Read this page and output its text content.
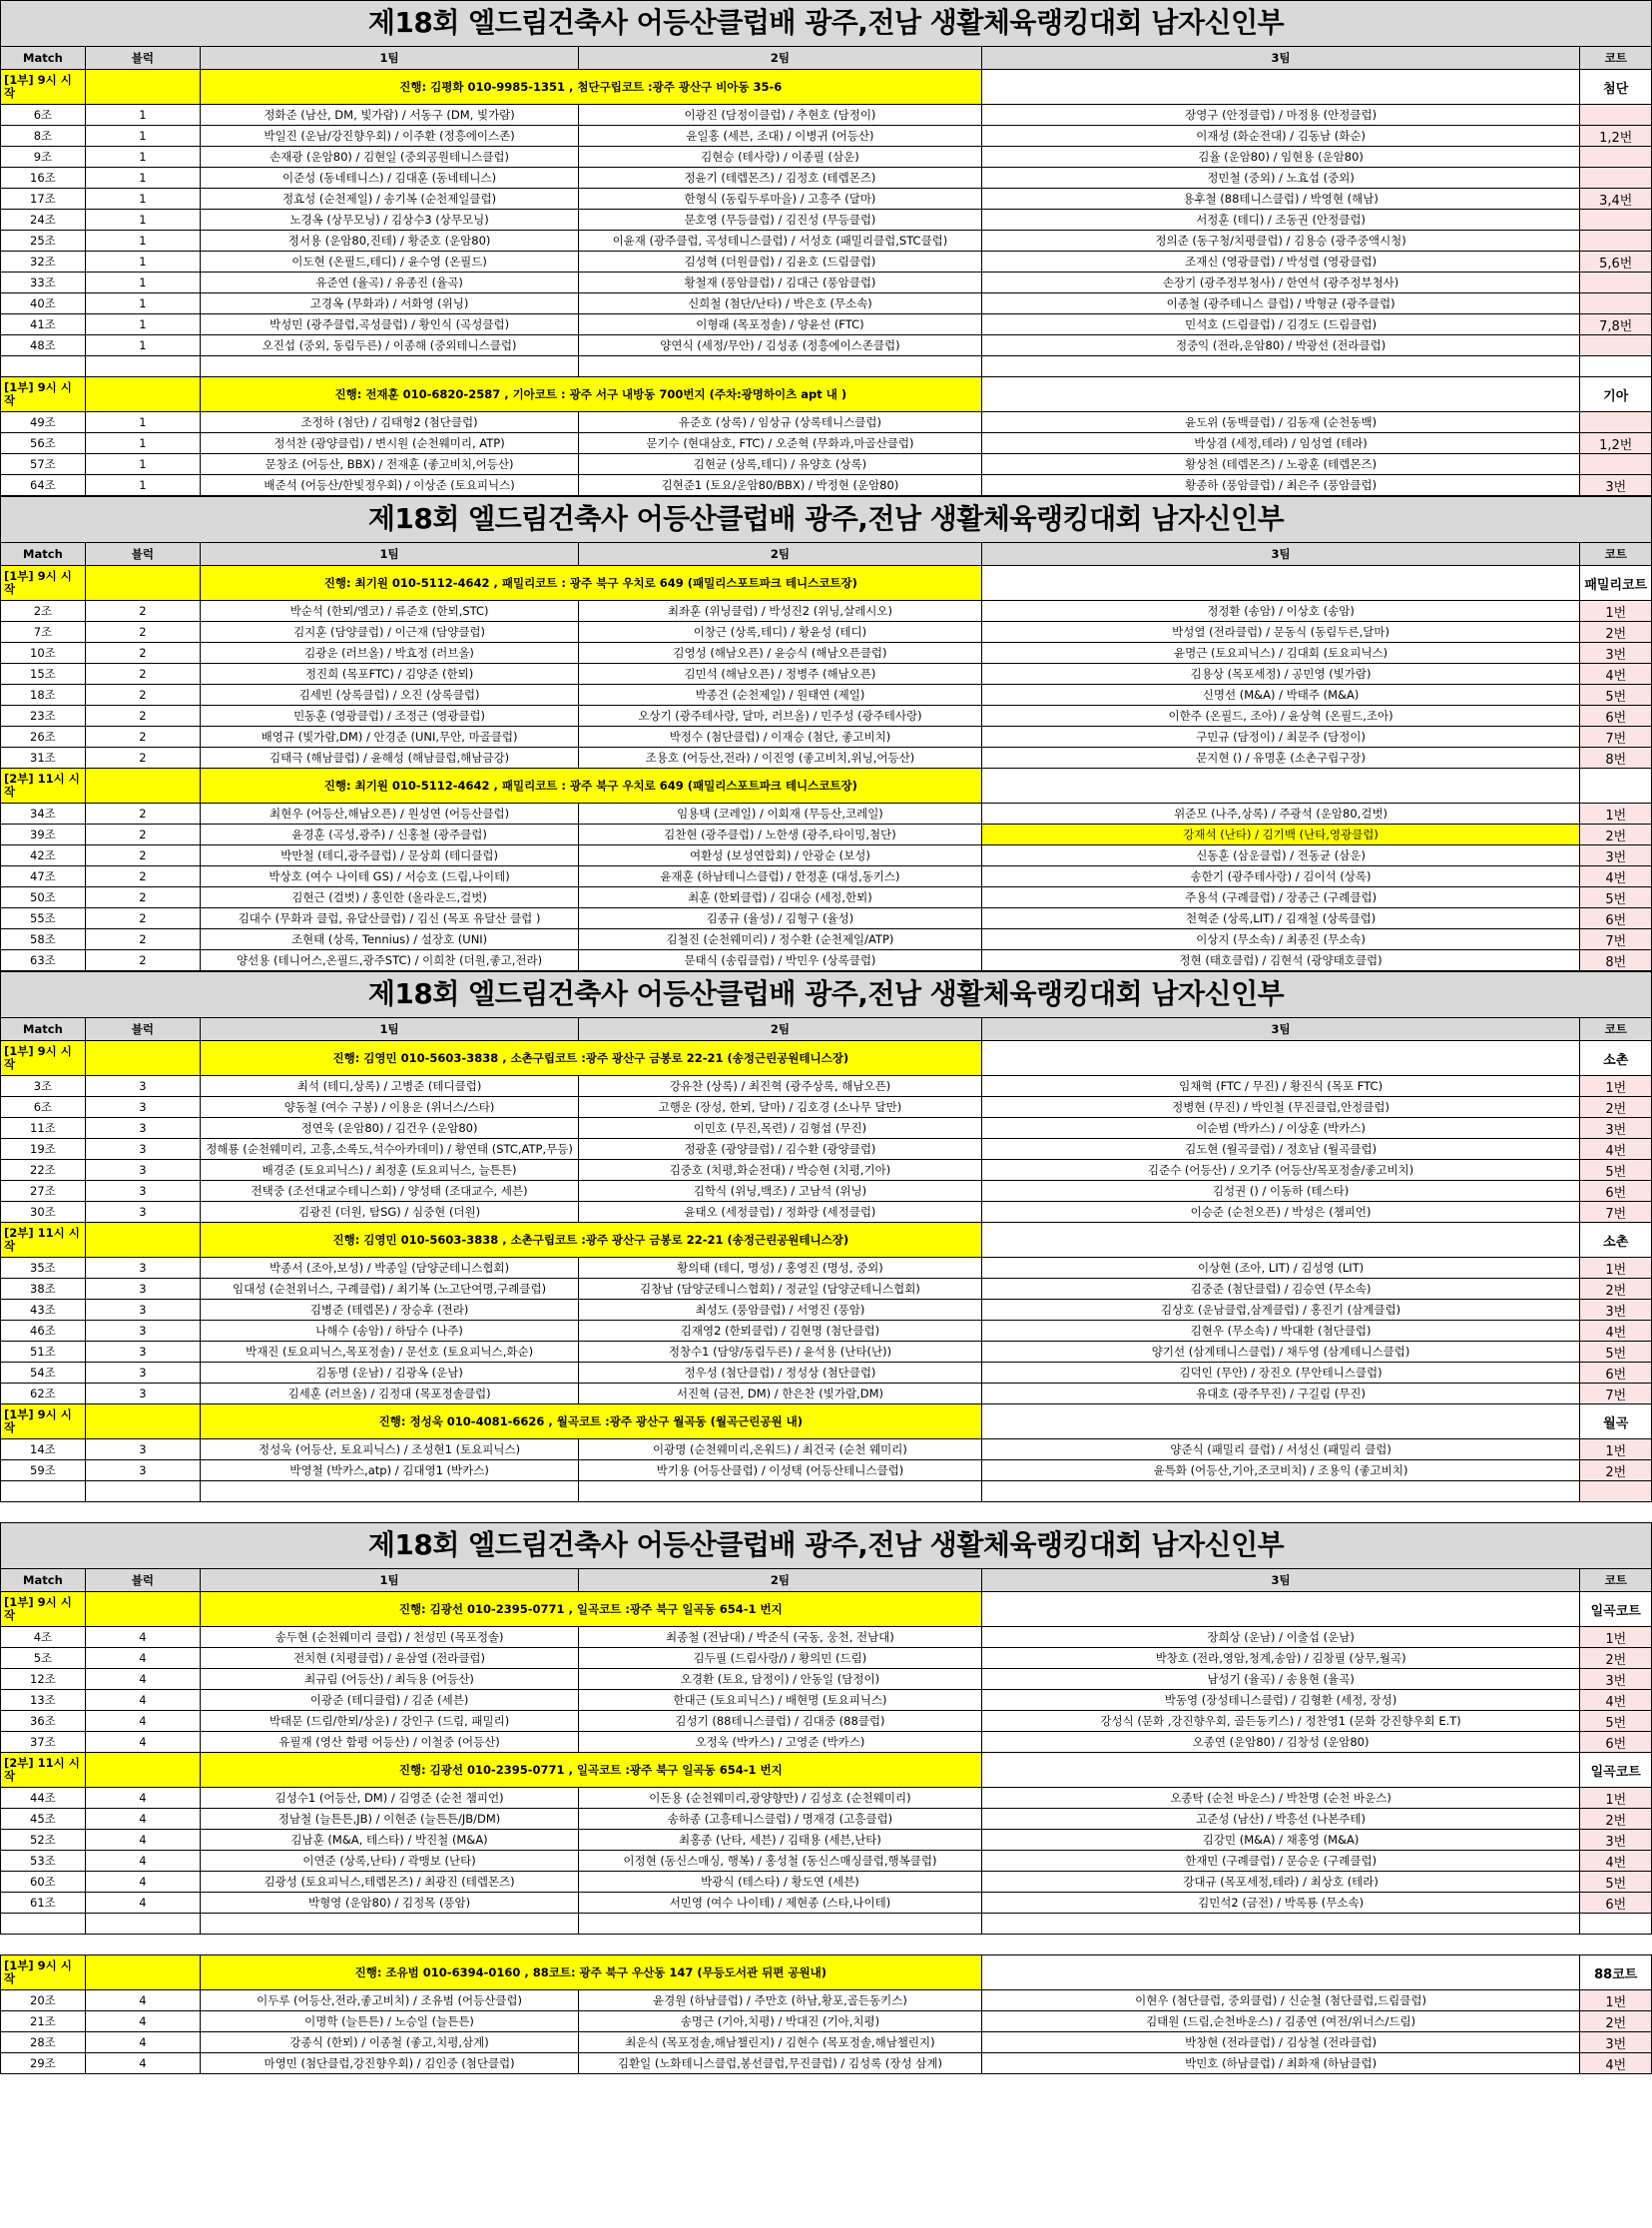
제18회 엘드림건축사 어등산클럽배 광주,전남 생활체육랭킹대회 남자신인부
Match	블럭	1팀	2팀	3팀	코트
[1부] 9시 시작		진행: 김평화 010-9985-1351 , 첨단구립코트 :광주 광산구 비아동 35-6			첨단
6조	1	정화준 (남산, DM, 빛가람) / 서동구 (DM, 빛가람)	이광진 (담정이클럽) / 추현호 (담정이)	장영구 (안정클럽) / 마정용 (안정클럽)	
8조	1	박일진 (운남/강진향우회) / 이주환 (정흥에이스존)	윤일홍 (세븐, 조대) / 이병귀 (어등산)	이재성 (화순전대) / 김동남 (화순)	1,2번
9조	1	손재광 (운암80) / 김현일 (중외공원테니스클럽)	김현승 (테사랑) / 이종필 (삼운)	김율 (운암80) / 임현용 (운암80)	
16조	1	이준성 (동네테니스) / 김대훈 (동네테니스)	정윤기 (테렙몬즈) / 김정호 (테렙몬즈)	정민철 (중외) / 노효섭 (중외)	
17조	1	정효성 (순천제일) / 송기복 (순천제일클럽)	한형식 (동림두루마을) / 고흥주 (달마)	용후철 (88테니스클럽) / 박영현 (해남)	3,4번
24조	1	노경옥 (상무모닝) / 김상수3 (상무모닝)	문호영 (무등클럽) / 김진성 (무등클럽)	서정훈 (테디) / 조동권 (안정클럽)	
25조	1	정서용 (운암80,진테) / 황준호 (운암80)	이윤재 (광주클럽, 곡성테니스클럽) / 서성호 (패밀리클럽,STC클럽)	정의준 (동구청/치평클럽) / 김용승 (광주중액시청)	
32조	1	이도현 (온필드,테디) / 윤수영 (온필드)	김성혁 (더원클럽) / 김윤호 (드림클럽)	조재신 (영광클럽) / 박성렬 (영광클럽)	5,6번
33조	1	유준연 (율곡) / 유종진 (율곡)	황철재 (풍암클럽) / 김대근 (풍암클럽)	손장기 (광주정부청사) / 한연석 (광주정부청사)	
40조	1	고경옥 (무화과) / 서화영 (위닝)	신희철 (첨단/난타) / 박은호 (무소속)	이종철 (광주테니스 클럽) / 박형균 (광주클럽)	
41조	1	박성민 (광주클럽,곡성클럽) / 황인식 (곡성클럽)	이형래 (목포정솔) / 양윤선 (FTC)	민석호 (드림클럽) / 김경도 (드림클럽)	7,8번
48조	1	오진섭 (중외, 동림두른) / 이종해 (중외테니스클럽)	양연식 (세정/무안) / 김성종 (정흥에이스존클럽)	정중익 (전라,운암80) / 박광선 (전라클럽)	

[1부] 9시 시작		진행: 전재훈 010-6820-2587 , 기아코트 : 광주 서구 내방동 700번지 (주차:광명하이츠 apt 내 )			기아
49조	1	조정하 (첨단) / 김태형2 (첨단클럽)	유준호 (상록) / 임상규 (상록테니스클럽)	윤도위 (동백클럽) / 김동재 (순천동백)	
56조	1	정석찬 (광양클럽) / 변시원 (순천웨미리, ATP)	문기수 (현대삼호, FTC) / 오준혁 (무화과,마골산클럽)	박상겸 (세정,테라) / 임성열 (테라)	1,2번
57조	1	문창조 (어등산, BBX) / 전재훈 (좋고비치,어등산)	김현균 (상록,테디) / 유양호 (상록)	황상천 (테렙몬즈) / 노광훈 (테렙몬즈)	
64조	1	배준석 (어등산/한빛정우회) / 이상준 (토요피닉스)	김현준1 (토요/운암80/BBX) / 박정현 (운암80)	황종하 (풍암클럽) / 최은주 (풍암클럽)	3번
제18회 엘드림건축사 어등산클럽배 광주,전남 생활체육랭킹대회 남자신인부
Match	블럭	1팀	2팀	3팀	코트
[1부] 9시 시작		진행: 최기원 010-5112-4642 , 패밀리코트 : 광주 북구 우치로 649 (패밀리스포트파크 테니스코트장)			패밀리코트
2조	2	박순석 (한뫼/엠코) / 류준호 (한뫼,STC)	최좌훈 (위닝클럽) / 박성진2 (위닝,살레시오)	정정환 (송암) / 이상호 (송암)	1번
7조	2	김지훈 (담양클럽) / 이근재 (담양클럽)	이창근 (상록,테디) / 황윤성 (테디)	박성열 (전라클럽) / 문동식 (동림두른,달마)	2번
10조	2	김광운 (러브올) / 박효정 (러브올)	김영성 (해남오픈) / 윤승식 (해남오픈클럽)	윤명근 (토요피닉스) / 김대회 (토요피닉스)	3번
15조	2	정진희 (목포FTC) / 김양준 (한뫼)	김민석 (해남오픈) / 정병주 (해남오픈)	김용상 (목포세정) / 공민영 (빛가람)	4번
18조	2	김세빈 (상록클럽) / 오진 (상록클럽)	박종건 (순천제일) / 원태연 (제일)	신명선 (M&A) / 박태주 (M&A)	5번
23조	2	민동훈 (영광클럽) / 조정근 (영광클럽)	오상기 (광주테사랑, 달마, 러브올) / 민주성 (광주테사랑)	이한주 (온필드, 조아) / 윤상혁 (온필드,조아)	6번
26조	2	배영규 (빛가람,DM) / 안경준 (UNI,무안, 마골클럽)	박정수 (첨단클럽) / 이재승 (첨단, 좋고비치)	구민규 (담정이) / 최문주 (담정이)	7번
31조	2	김태극 (해남클럽) / 윤해성 (해남클럽,해남금강)	조용호 (어등산,전라) / 이진영 (좋고비치,위닝,어등산)	문지현 () / 유명훈 (소촌구립구장)	8번
[2부] 11시 시작		진행: 최기원 010-5112-4642 , 패밀리코트 : 광주 북구 우치로 649 (패밀리스포트파크 테니스코트장)			
34조	2	최현우 (어등산,해남오픈) / 원성연 (어등산클럽)	임용택 (코레일) / 이회재 (무등산,코레일)	위준모 (나주,상록) / 주광석 (운암80,걸벗)	1번
39조	2	윤경훈 (곡성,광주) / 신홍철 (광주클럽)	김찬현 (광주클럽) / 노한생 (광주,타이밍,첨단)	강재석 (난타) / 김기백 (난타,영광클럽)	2번
42조	2	박만철 (테디,광주클럽) / 문상희 (테디클럽)	여환성 (보성연합회) / 안광순 (보성)	신동훈 (삼운클럽) / 전동균 (삼운)	3번
47조	2	박상호 (여수 나이테 GS) / 서승호 (드림,나이테)	윤재훈 (하남테니스클럽) / 한정훈 (대성,동키스)	송한기 (광주테사랑) / 김이석 (상록)	4번
50조	2	김현근 (걸벗) / 홍인한 (올라운드,걸벗)	최훈 (한뫼클럽) / 김대승 (세정,한뫼)	주용석 (구례클럽) / 장종근 (구례클럽)	5번
55조	2	김대수 (무화과 클럽, 유달산클럽) / 김신 (목포 유달산 클럽 )	김종규 (율성) / 김형구 (율성)	천혁준 (상록,LIT) / 김재철 (상록클럽)	6번
58조	2	조현태 (상록, Tennius) / 설장호 (UNI)	김철진 (순천웨미리) / 정수환 (순천제일/ATP)	이상지 (무소속) / 최종진 (무소속)	7번
63조	2	양선용 (테니어스,온필드,광주STC) / 이희찬 (더원,좋고,전라)	문태식 (송림클럽) / 박민우 (상록클럽)	정현 (태호클럽) / 김현석 (광양태호클럽)	8번
제18회 엘드림건축사 어등산클럽배 광주,전남 생활체육랭킹대회 남자신인부
Match	블럭	1팀	2팀	3팀	코트
[1부] 9시 시작		진행: 김영민 010-5603-3838 , 소촌구립코트 :광주 광산구 금봉로 22-21 (송정근린공원테니스장)			소촌
3조	3	최석 (테디,상록) / 고병준 (테디클럽)	강유찬 (상록) / 최진혁 (광주상록, 해남오픈)	임채혁 (FTC / 무진) / 황진식 (목포 FTC)	1번
6조	3	양동철 (여수 구봉) / 이용운 (위너스/스타)	고행운 (장성, 한뫼, 달마) / 김호경 (소나무 달만)	정병현 (무진) / 박인철 (무진클럽,안정클럽)	2번
11조	3	정연욱 (운암80) / 김건우 (운암80)	이민호 (무진,목련) / 김형섭 (무진)	이순범 (박카스) / 이상훈 (박카스)	3번
19조	3	정해룡 (순천웨미리, 고흥,소록도,석수아카데미) / 황연태 (STC,ATP,무등)	정광훈 (광양클럽) / 김수환 (광양클럽)	김도현 (월곡클럽) / 정호남 (월곡클럽)	4번
22조	3	배경준 (토요피닉스) / 최정훈 (토요피닉스, 늘튼튼)	김중호 (치평,화순전대) / 박승현 (치평,기아)	김준수 (어등산) / 오기주 (어등산/목포정솔/좋고비치)	5번
27조	3	전택중 (조선대교수테니스회) / 양성태 (조대교수, 세븐)	김학식 (위닝,백조) / 고남석 (위닝)	김성권 () / 이동하 (테스타)	6번
30조	3	김광진 (더원, 탐SG) / 심중현 (더원)	윤태오 (세정클럽) / 정화랑 (세정클럽)	이승준 (순천오픈) / 박성은 (챔피언)	7번
[2부] 11시 시작		진행: 김영민 010-5603-3838 , 소촌구립코트 :광주 광산구 금봉로 22-21 (송정근린공원테니스장)			소촌
35조	3	박종서 (조아,보성) / 박종일 (담양군테니스협회)	황의태 (테디, 명성) / 홍영진 (명성, 중외)	이상현 (조아, LIT) / 김성영 (LIT)	1번
38조	3	임대성 (순천위너스, 구례클럽) / 최기복 (노고단여명,구례클럽)	김창남 (담양군테니스협회) / 정균일 (담양군테니스협회)	김중준 (첨단클럽) / 김승연 (무소속)	2번
43조	3	김병준 (테렙몬) / 장승후 (전라)	최성도 (풍암클럽) / 서영진 (풍암)	김상호 (운남클럽,삼계클럽) / 홍진기 (삼계클럽)	3번
46조	3	나해수 (송암) / 하담수 (나주)	김재영2 (한뫼클럽) / 김현명 (첨단클럽)	김현우 (무소속) / 박대환 (첨단클럽)	4번
51조	3	박재진 (토요피닉스,목포정솔) / 문선호 (토요피닉스,화순)	정창수1 (담양/동림두른) / 윤석용 (난타(난))	양기선 (삼계테니스클럽) / 채두영 (삼계테니스클럽)	5번
54조	3	김동명 (운남) / 김광옥 (운남)	정우성 (첨단클럽) / 정성상 (첨단클럽)	김덕인 (무안) / 장진오 (무안테니스클럽)	6번
62조	3	김세훈 (러브올) / 김정대 (목포정솔클럽)	서진혁 (금전, DM) / 한은찬 (빛가람,DM)	유대호 (광주무진) / 구길림 (무진)	7번
[1부] 9시 시작		진행: 정성욱 010-4081-6626 , 월곡코트 :광주 광산구 월곡동 (월곡근린공원 내)			월곡
14조	3	정성욱 (어등산, 토요피닉스) / 조성현1 (토요피닉스)	이광명 (순천웨미리,온워드) / 최건국 (순천 웨미리)	양준식 (패밀리 클럽) / 서성신 (패밀리 클럽)	1번
59조	3	박영철 (박카스,atp) / 김대영1 (박카스)	박기용 (어등산클럽) / 이성택 (어등산테니스클럽)	윤특화 (어등산,기아,조코비치) / 조용익 (좋고비치)	2번

제18회 엘드림건축사 어등산클럽배 광주,전남 생활체육랭킹대회 남자신인부
Match	블럭	1팀	2팀	3팀	코트
[1부] 9시 시작		진행: 김광선 010-2395-0771 , 일곡코트 :광주 북구 일곡동 654-1 번지			일곡코트
4조	4	송두현 (순천웨미리 클럽) / 천성민 (목포정솔)	최종철 (전남대) / 박준식 (국동, 웅천, 전남대)	장희상 (운남) / 이출섭 (운남)	1번
5조	4	전치현 (치평클럽) / 윤삼열 (전라클럽)	김두필 (드림사랑/) / 황의민 (드림)	박창호 (전라,영암,청계,송암) / 김창필 (상무,월곡)	2번
12조	4	최규림 (어등산) / 최득용 (어등산)	오경환 (토요, 담정이) / 안동일 (담정이)	남성기 (율곡) / 송용현 (율곡)	3번
13조	4	이광준 (테디클럽) / 김준 (세븐)	한대근 (토요피닉스) / 배현명 (토요피닉스)	박동영 (장성테니스클럽) / 김형환 (세정, 장성)	4번
36조	4	박태문 (드림/한뫼/상운) / 강인구 (드림, 패밀리)	김성기 (88테니스클럽) / 김대중 (88클럽)	강성식 (문화 ,강진향우회, 골든동키스) / 정찬영1 (문화 강진향우회 E.T)	5번
37조	4	유필재 (영산 함평 어등산) / 이철중 (어등산)	오정욱 (박카스) / 고영준 (박카스)	오종연 (운암80) / 김창성 (운암80)	6번
[2부] 11시 시작		진행: 김광선 010-2395-0771 , 일곡코트 :광주 북구 일곡동 654-1 번지			일곡코트
44조	4	김성수1 (어등산, DM) / 김영준 (순천 챔피언)	이돈용 (순천웨미리,광양향만) / 김성호 (순천웨미리)	오종탁 (순천 바운스) / 박찬명 (순천 바운스)	1번
45조	4	정남철 (늘튼튼,JB) / 이현준 (늘튼튼/JB/DM)	송하종 (고흥테니스클럽) / 명재경 (고흥클럽)	고준성 (남산) / 박흥선 (나본주테)	2번
52조	4	김남훈 (M&A, 테스타) / 박진철 (M&A)	최홍종 (난타, 세븐) / 김태용 (세븐,난타)	김강민 (M&A) / 채홍영 (M&A)	3번
53조	4	이연준 (상록,난타) / 곽맹보 (난타)	이정현 (동신스매싱, 행복) / 홍성철 (동신스매싱클럽,행복클럽)	한재민 (구례클럽) / 문승운 (구례클럽)	4번
60조	4	김광성 (토요피닉스,테렙몬즈) / 최광진 (테렙몬즈)	박광식 (테스타) / 황도연 (세븐)	강대규 (목포세정,테라) / 최상호 (테라)	5번
61조	4	박형영 (운암80) / 김정목 (풍암)	서민영 (여수 나이테) / 제현종 (스타,나이테)	김민석2 (금전) / 박록룡 (무소속)	6번

[1부] 9시 시작		진행: 조유범 010-6394-0160 , 88코트: 광주 북구 우산동 147 (무등도서관 뒤편 공원내)			88코트
20조	4	이두루 (어등산,전라,좋고비치) / 조유범 (어등산클럽)	윤경원 (하남클럽) / 주만호 (하남,황포,골든동키스)	이현우 (첨단클럽, 중외클럽) / 신순철 (첨단클럽,드림클럽)	1번
21조	4	이명학 (늘튼튼) / 노승일 (늘튼튼)	송명근 (기아,치평) / 박대진 (기아,치평)	김태원 (드림,순천바운스) / 김종연 (여전/위너스/드림)	2번
28조	4	강종식 (한뫼) / 이종철 (좋고,치평,삼계)	최운식 (목포정솔,해남챌린지) / 김현수 (목포정솔,해남챌린지)	박창현 (전라클럽) / 김상철 (전라클럽)	3번
29조	4	마영민 (첨단클럽,강진향우회) / 김인중 (첨단클럽)	김환일 (노화테니스클럽,봉선클럽,무진클럽) / 김성록 (장성 삼계)	박민호 (하남클럽) / 최화재 (하남클럽)	4번
